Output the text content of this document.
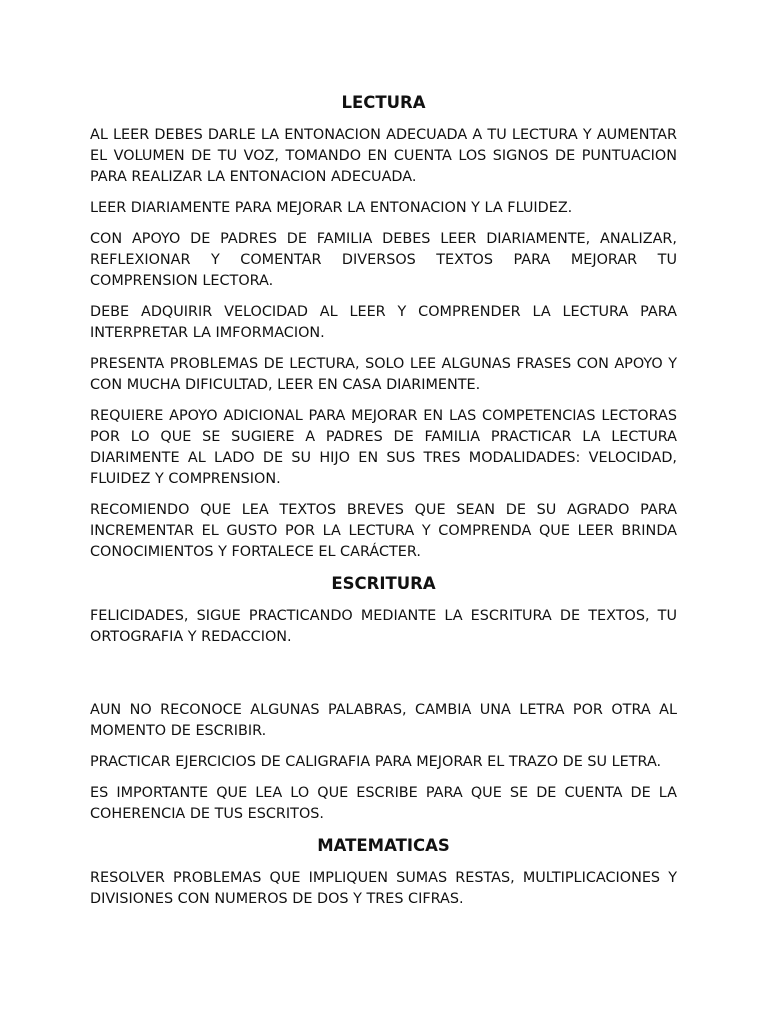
LECTURA

AL LEER DEBES DARLE LA ENTONACION ADECUADA A TU LECTURA Y AUMENTAR EL VOLUMEN DE TU VOZ, TOMANDO EN CUENTA LOS SIGNOS DE PUNTUACION PARA REALIZAR LA ENTONACION ADECUADA.

LEER DIARIAMENTE PARA MEJORAR LA ENTONACION Y LA FLUIDEZ.

CON APOYO DE PADRES DE FAMILIA DEBES LEER DIARIAMENTE, ANALIZAR, REFLEXIONAR Y COMENTAR DIVERSOS TEXTOS PARA MEJORAR TU COMPRENSION LECTORA.

DEBE ADQUIRIR VELOCIDAD AL LEER Y COMPRENDER LA LECTURA PARA INTERPRETAR LA IMFORMACION.

PRESENTA PROBLEMAS DE LECTURA, SOLO LEE ALGUNAS FRASES CON APOYO Y CON MUCHA DIFICULTAD, LEER EN CASA DIARIMENTE.

REQUIERE APOYO ADICIONAL PARA MEJORAR EN LAS COMPETENCIAS LECTORAS POR LO QUE SE SUGIERE A PADRES DE FAMILIA PRACTICAR LA LECTURA DIARIMENTE AL LADO DE SU HIJO EN SUS TRES MODALIDADES: VELOCIDAD, FLUIDEZ Y COMPRENSION.

RECOMIENDO QUE LEA TEXTOS BREVES QUE SEAN DE SU AGRADO PARA INCREMENTAR EL GUSTO POR LA LECTURA Y COMPRENDA QUE LEER BRINDA CONOCIMIENTOS Y FORTALECE EL CARÁCTER.

ESCRITURA

FELICIDADES, SIGUE PRACTICANDO MEDIANTE LA ESCRITURA DE TEXTOS, TU ORTOGRAFIA Y REDACCION.

AUN NO RECONOCE ALGUNAS PALABRAS, CAMBIA UNA LETRA POR OTRA AL MOMENTO DE ESCRIBIR.

PRACTICAR EJERCICIOS DE CALIGRAFIA PARA MEJORAR EL TRAZO DE SU LETRA.

ES IMPORTANTE QUE LEA LO QUE ESCRIBE PARA QUE SE DE CUENTA DE LA COHERENCIA DE TUS ESCRITOS.

MATEMATICAS

RESOLVER PROBLEMAS QUE IMPLIQUEN SUMAS RESTAS, MULTIPLICACIONES Y DIVISIONES CON NUMEROS DE DOS Y TRES CIFRAS.
